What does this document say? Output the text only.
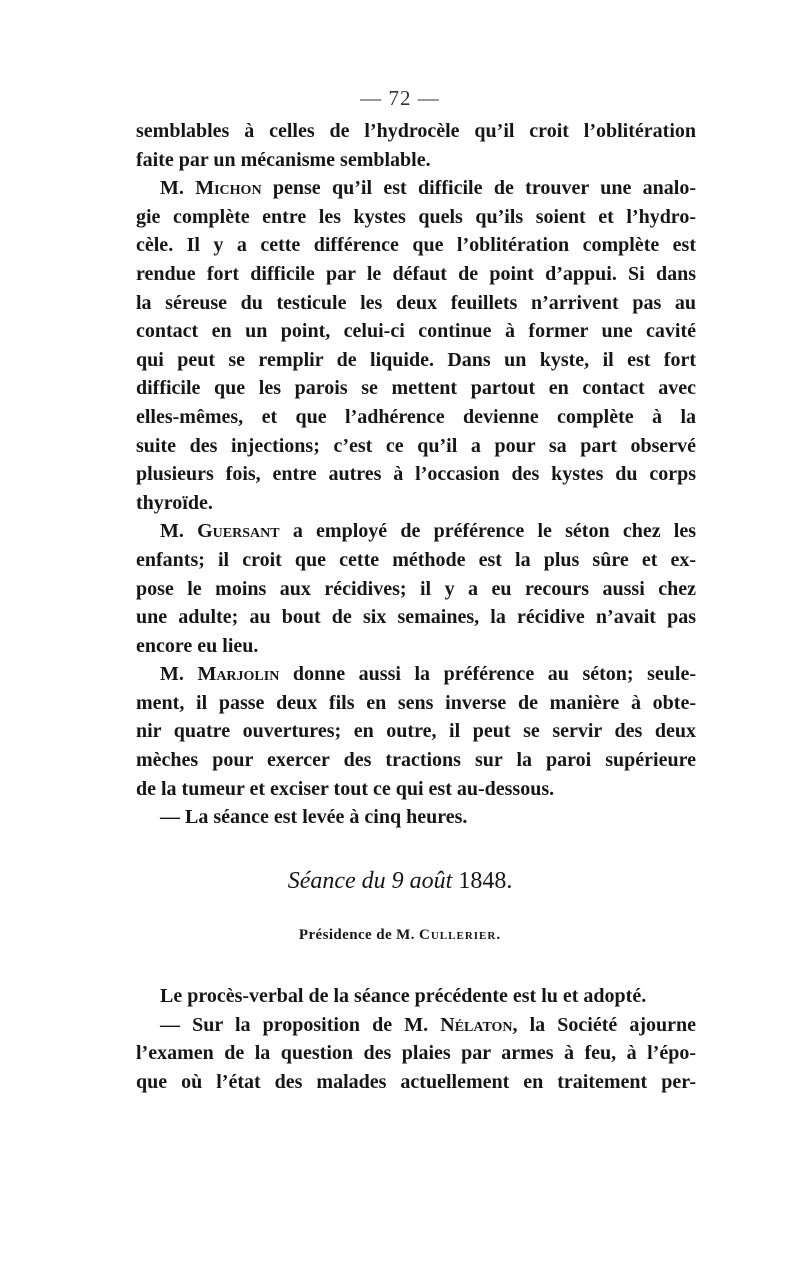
— 72 —
semblables à celles de l’hydrocèle qu’il croit l’oblitération
faite par un mécanisme semblable.
M. Michon pense qu’il est difficile de trouver une analo-
gie complète entre les kystes quels qu’ils soient et l’hydro-
cèle. Il y a cette différence que l’oblitération complète est
rendue fort difficile par le défaut de point d’appui. Si dans
la séreuse du testicule les deux feuillets n’arrivent pas au
contact en un point, celui-ci continue à former une cavité
qui peut se remplir de liquide. Dans un kyste, il est fort
difficile que les parois se mettent partout en contact avec
elles-mêmes, et que l’adhérence devienne complète à la
suite des injections; c’est ce qu’il a pour sa part observé
plusieurs fois, entre autres à l’occasion des kystes du corps
thyroïde.
M. Guersant a employé de préférence le séton chez les
enfants; il croit que cette méthode est la plus sûre et ex-
pose le moins aux récidives; il y a eu recours aussi chez
une adulte; au bout de six semaines, la récidive n’avait pas
encore eu lieu.
M. Marjolin donne aussi la préférence au séton; seule-
ment, il passe deux fils en sens inverse de manière à obte-
nir quatre ouvertures; en outre, il peut se servir des deux
mèches pour exercer des tractions sur la paroi supérieure
de la tumeur et exciser tout ce qui est au-dessous.
— La séance est levée à cinq heures.
Séance du 9 août 1848.
Présidence de M. Cullerier.
Le procès-verbal de la séance précédente est lu et adopté.
— Sur la proposition de M. Nélaton, la Société ajourne
l’examen de la question des plaies par armes à feu, à l’épo-
que où l’état des malades actuellement en traitement per-
